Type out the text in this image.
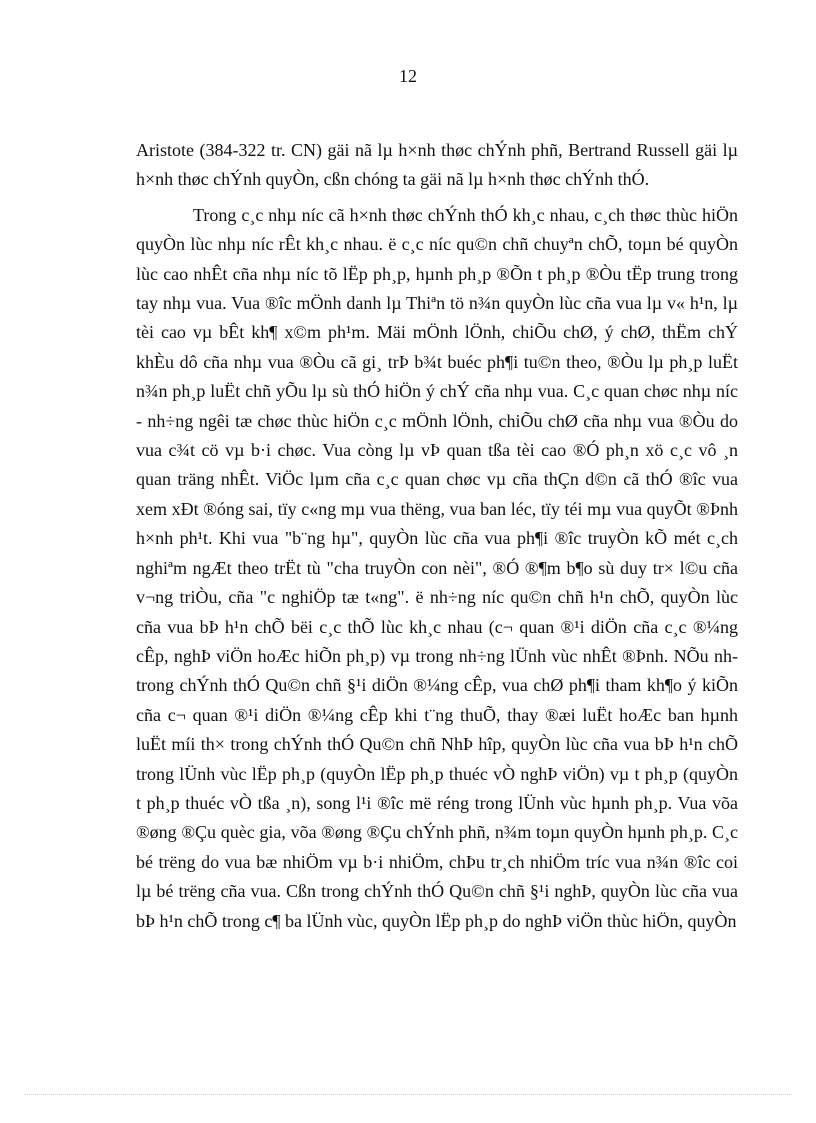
12

Aristote (384-322 tr. CN) gäi nã lµ h×nh thøc chÝnh phñ, Bertrand Russell gäi lµ h×nh thøc chÝnh quyÒn, cßn chóng ta gäi nã lµ h×nh thøc chÝnh thÓ.

Trong c¸c nhµ níc cã h×nh thøc chÝnh thÓ kh¸c nhau, c¸ch thøc thùc hiÖn quyÒn lùc nhµ níc rÊt kh¸c nhau. ë c¸c níc qu©n chñ chuyªn chÕ, toµn bé quyÒn lùc cao nhÊt cña nhµ níc tõ lËp ph¸p, hµnh ph¸p ®Õn t ph¸p ®Òu tËp trung trong tay nhµ vua. Vua ®îc mÖnh danh lµ Thiªn tö n¾n quyÒn lùc cña vua lµ v« h¹n, lµ tèi cao vµ bÊt kh¶ x©m ph¹m. Mäi mÖnh lÖnh, chiÕu chØ, ý chØ, thËm chÝ khÈu dô cña nhµ vua ®Òu cã gi¸ trÞ b¾t buéc ph¶i tu©n theo, ®Òu lµ ph¸p luËt n¾n ph¸p luËt chñ yÕu lµ sù thÓ hiÖn ý chÝ cña nhµ vua. C¸c quan chøc nhµ níc - nh÷ng ngêi tæ chøc thùc hiÖn c¸c mÖnh lÖnh, chiÕu chØ cña nhµ vua ®Òu do vua c¾t cö vµ b·i chøc. Vua còng lµ vÞ quan tßa tèi cao ®Ó ph¸n xö c¸c vô ¸n quan träng nhÊt. ViÖc lµm cña c¸c quan chøc vµ cña thÇn d©n cã thÓ ®îc vua xem xÐt ®óng sai, tïy c«ng mµ vua thëng, vua ban léc, tïy téi mµ vua quyÕt ®Þnh h×nh ph¹t. Khi vua "b¨ng hµ", quyÒn lùc cña vua ph¶i ®îc truyÒn kÕ mét c¸ch nghiªm ngÆt theo trËt tù "cha truyÒn con nèi", ®Ó ®¶m b¶o sù duy tr× l©u cña v¬ng triÒu, cña "c nghiÖp tæ t«ng". ë nh÷ng níc qu©n chñ h¹n chÕ, quyÒn lùc cña vua bÞ h¹n chÕ bëi c¸c thÕ lùc kh¸c nhau (c¬ quan ®¹i diÖn cña c¸c ®¼ng cÊp, nghÞ viÖn hoÆc hiÕn ph¸p) vµ trong nh÷ng lÜnh vùc nhÊt ®Þnh. NÕu nh trong chÝnh thÓ Qu©n chñ §¹i diÖn ®¼ng cÊp, vua chØ ph¶i tham kh¶o ý kiÕn cña c¬ quan ®¹i diÖn ®¼ng cÊp khi t¨ng thuÕ, thay ®æi luËt hoÆc ban hµnh luËt míi th× trong chÝnh thÓ Qu©n chñ NhÞ hîp, quyÒn lùc cña vua bÞ h¹n chÕ trong lÜnh vùc lËp ph¸p (quyÒn lËp ph¸p thuéc vÒ nghÞ viÖn) vµ t ph¸p (quyÒn t ph¸p thuéc vÒ tßa ¸n), song l¹i ®îc më réng trong lÜnh vùc hµnh ph¸p. Vua võa ®øng ®Çu quèc gia, võa ®øng ®Çu chÝnh phñ, n¾m toµn quyÒn hµnh ph¸p. C¸c bé trëng do vua bæ nhiÖm vµ b·i nhiÖm, chÞu tr¸ch nhiÖm tríc vua n¾n ®îc coi lµ bé trëng cña vua. Cßn trong chÝnh thÓ Qu©n chñ §¹i nghÞ, quyÒn lùc cña vua bÞ h¹n chÕ trong c¶ ba lÜnh vùc, quyÒn lËp ph¸p do nghÞ viÖn thùc hiÖn, quyÒn
